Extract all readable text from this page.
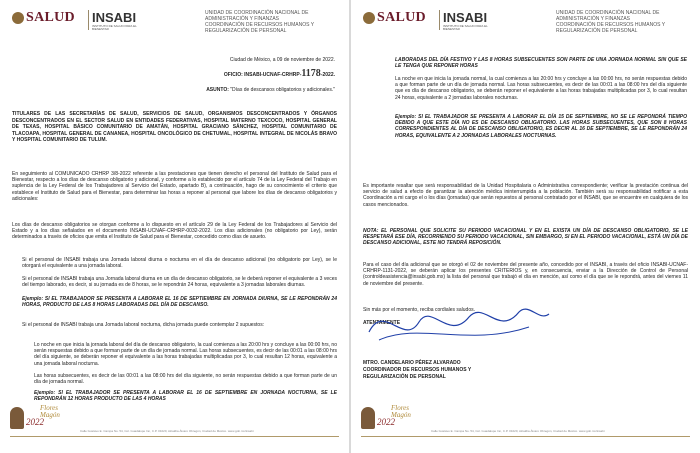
SALUD INSABI
INSTITUTO DE SALUD PARA EL BIENESTAR
UNIDAD DE COORDINACIÓN NACIONAL DE
ADMINISTRACIÓN Y FINANZAS
COORDINACIÓN DE RECURSOS HUMANOS Y
REGULARIZACIÓN DE PERSONAL
Ciudad de México, a 09 de noviembre de 2022.
OFICIO: INSABI-UCNAF-CRHRP-1178-2022.
ASUNTO: "Días de descansos obligatorios y adicionales."
TITULARES DE LAS SECRETARÍAS DE SALUD, SERVICIOS DE SALUD, ORGANISMOS DESCONCENTRADOS Y ÓRGANOS DESCONCENTRADOS EN EL SECTOR SALUD EN ENTIDADES FEDERATIVAS, HOSPITAL MATERNO TEXCOCO, HOSPITAL GENERAL DE TEXAS, HOSPITAL BÁSICO COMUNITARIO DE AMATÁN, HOSPITAL GRACIANO SÁNCHEZ, HOSPITAL COMUNITARIO DE TLACOAPA, HOSPITAL GENERAL DE CANANEA, HOSPITAL ONCOLÓGICO DE CHETUMAL, HOSPITAL INTEGRAL DE NICOLÁS BRAVO Y HOSPITAL COMUNITARIO DE TULUM.
En seguimiento al COMUNICADO CRHRP 3/8-2022 referente a las prestaciones que tienen derecho el personal del Instituto de Salud para el Bienestar, respecto a los días de descanso obligatorio y adicional, y conforme a lo establecido por el artículo 74 de la Ley Federal del Trabajo en suplencia de la Ley Federal de los Trabajadores al Servicio del Estado, apartado B), a continuación, hago de su conocimiento el criterio que establece el Instituto de Salud para el Bienestar, para determinar las horas a reponer al personal que labore los días de descanso obligatorios y adicionales:
Los días de descanso obligatorios se otorgan conforme a lo dispuesto en el artículo 29 de la Ley Federal de los Trabajadores al Servicio del Estado y a los días señalados en el documento INSABI-UCNAF-CRHRP-0032-2022. Los días adicionales (no obligatorio por Ley), serán determinados a través de oficios que emita el Instituto de Salud para el Bienestar, concedido como días de asueto.
Si el personal de INSABI trabaja una Jornada laboral diurna o nocturna en el día de descanso adicional (no obligatorio por Ley), se le otorgará el equivalente a una jornada laboral.
Si el personal de INSABI trabaja una Jornada laboral diurna en un día de descanso obligatorio, se le deberá reponer el equivalente a 3 veces del tiempo laborado, es decir, si su jornada es de 8 horas, se le repondrán 24 horas, equivalente a 3 jornadas laborales diurnas.
Ejemplo: SI EL TRABAJADOR SE PRESENTA A LABORAR EL 16 DE SEPTIEMBRE EN JORNADA DIURNA, SE LE REPONDRÁN 24 HORAS, PRODUCTO DE LAS 8 HORAS LABORADAS DEL DÍA DE DESCANSO.
Si el personal de INSABI trabaja una Jornada laboral nocturna, dicha jornada puede contemplar 2 supuestos:
Lo noche en que inicia la jornada laboral del día de descanso obligatorio, la cual comienza a las 20:00 hrs y concluye a las 00:00 hrs, no serán respuestas debido a que forman parte de un día de jornada normal. Las horas subsecuentes, es decir de las 00:01 a las 08:00 hrs del día siguiente, se deberán reponer el equivalente a las horas trabajadas multiplicadas por 3, lo cual resultan 12 horas, equivalente a una jornada laboral nocturna.
Las horas subsecuentes, es decir de las 00:01 a las 08:00 hrs del día siguiente, no serán respuestas debido a que forman parte de un día de jornada normal.
Ejemplo: SI EL TRABAJADOR SE PRESENTA A LABORAR EL 16 DE SEPTIEMBRE EN JORNADA NOCTURNA, SE LE REPONDRÁN 12 HORAS PRODUCTO DE LAS 4 HORAS
Flores
Magón
2022
Calle Gustavo E. Campa No. 54, Col. Guadalupe Inn, C.P. 01020, Alcaldía Álvaro Obregón, Ciudad de México. www.gob.mx/insabi
SALUD INSABI
INSTITUTO DE SALUD PARA EL BIENESTAR
UNIDAD DE COORDINACIÓN NACIONAL DE
ADMINISTRACIÓN Y FINANZAS
COORDINACIÓN DE RECURSOS HUMANOS Y
REGULARIZACIÓN DE PERSONAL
LABORADAS DEL DÍA FESTIVO Y LAS 8 HORAS SUBSECUENTES SON PARTE DE UNA JORNADA NORMAL SIN QUE SE LE TENGA QUE REPONER HORAS
La noche en que inicia la jornada normal, la cual comienza a las 20:00 hrs y concluye a las 00:00 hrs, no serán respuestas debido a que forman parte de un día de jornada normal. Las horas subsecuentes, es decir de las 00:01 a las 08:00 hrs del día siguiente que es día de descanso obligatorio, se deberán reponer el equivalente a las horas trabajadas multiplicadas por 3, lo cual resultan 24 horas, equivalente a 2 jornadas laborales nocturnas.
Ejemplo: SI EL TRABAJADOR SE PRESENTA A LABORAR EL DÍA 15 DE SEPTIEMBRE, NO SE LE REPONDRÁ TIEMPO DEBIDO A QUE ESTE DÍA NO ES DE DESCANSO OBLIGATORIO. LAS HORAS SUBSECUENTES, QUE SON 8 HORAS CORRESPONDIENTES AL DÍA DE DESCANSO OBLIGATORIO, ES DECIR AL 16 DE SEPTIEMBRE, SE LE REPONDRÁN 24 HORAS, EQUIVALENTE A 2 JORNADAS LABORALES NOCTURNAS.
Es importante resaltar que será responsabilidad de la Unidad Hospitalaria o Administrativa correspondiente; verificar la prestación continua del servicio de salud a efecto de garantizar la atención médica ininterrumpida a la población. También será su responsabilidad notificar a esta Coordinación a mi cargo el o los días (jornadas) que serán repuestos al personal contratado por el INSABI, que se encuentre en cualquiera de los casos mencionados.
NOTA: EL PERSONAL QUE SOLICITE SU PERIODO VACACIONAL Y EN EL EXISTA UN DÍA DE DESCANSO OBLIGATORIO, SE LE RESPETARÁ ESE DÍA, RECORRIENDO SU PERIODO VACACIONAL, SIN EMBARGO, SI EN EL PERIODO VACACIONAL, ESTÁ UN DÍA DE DESCANSO ADICIONAL, ESTE NO TENDRÁ REPOSICIÓN.
Para el caso del día adicional que se otorgó el 02 de noviembre del presente año, concedido por el INSABI, a través del oficio INSABI-UCNAF-CRHRP-1131-2022, se deberán aplicar los presentes CRITERIOS y, en consecuencia, enviar a la Dirección de Control de Personal (controldeasistencia@insabi.gob.mx) la lista del personal que trabajó el día en mención, así como el día que se le repondrá, antes del viernes 11 de noviembre del presente.
Sin más por el momento, reciba cordiales saludos.
ATENTAMENTE
MTRO. CANDELARIO PÉREZ ALVARADO
COORDINADOR DE RECURSOS HUMANOS Y
REGULARIZACIÓN DE PERSONAL
Flores
Magón
2022
Calle Gustavo E. Campa No. 54, Col. Guadalupe Inn, C.P. 01020, Alcaldía Álvaro Obregón, Ciudad de México. www.gob.mx/insabi
